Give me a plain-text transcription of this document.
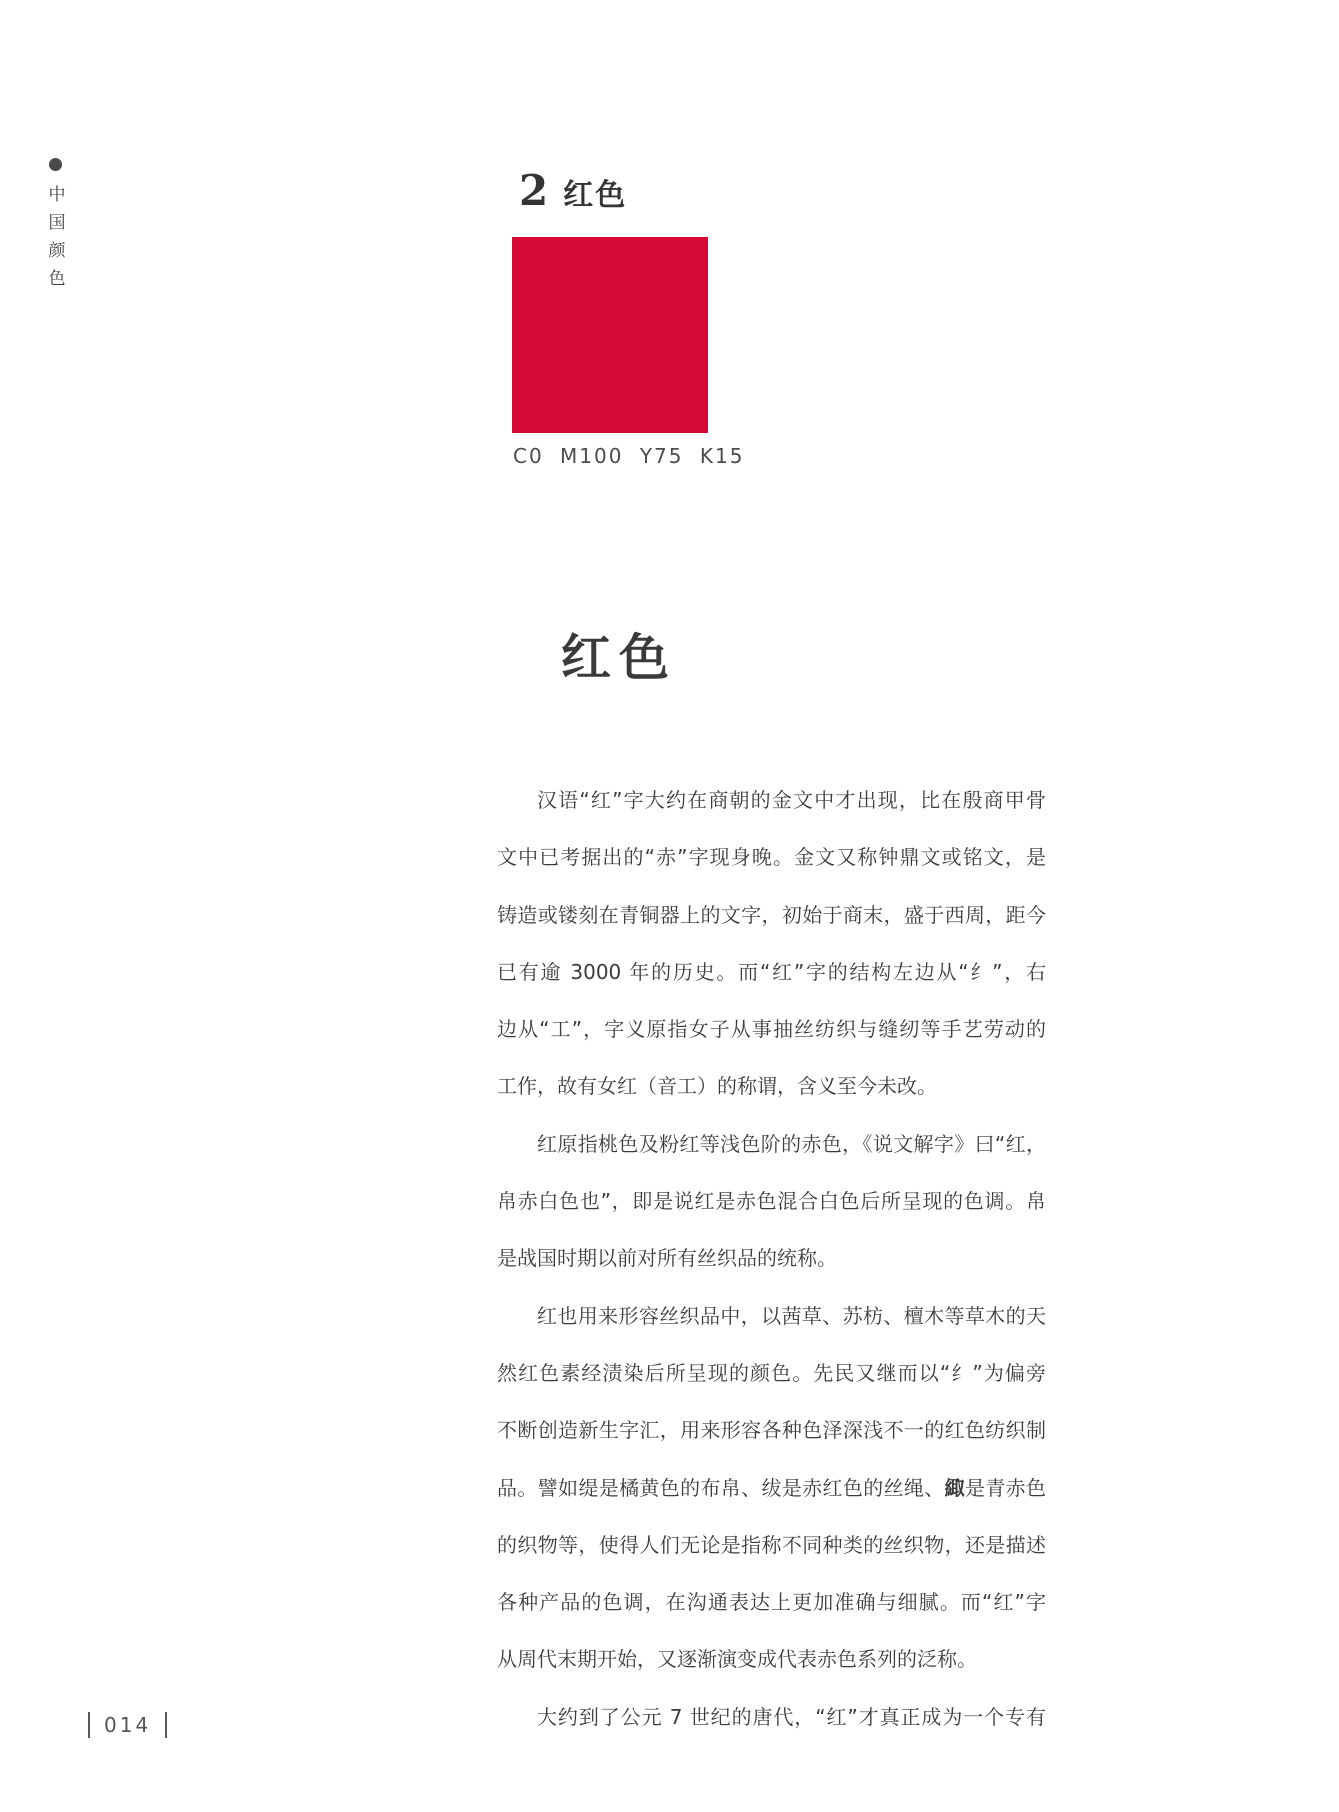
中国颜色	2 红色
C0 M100 Y75 K15
红色
汉语“红”字大约在商朝的金文中才出现，比在殷商甲骨
文中已考据出的“赤”字现身晚。金文又称钟鼎文或铭文，是
铸造或镂刻在青铜器上的文字，初始于商末，盛于西周，距今
已有逾 3000 年的历史。而“红”字的结构左边从“纟”，右
边从“工”，字义原指女子从事抽丝纺织与缝纫等手艺劳动的
工作，故有女红（音工）的称谓，含义至今未改。
红原指桃色及粉红等浅色阶的赤色，《说文解字》曰“红，
帛赤白色也”，即是说红是赤色混合白色后所呈现的色调。帛
是战国时期以前对所有丝织品的统称。
红也用来形容丝织品中，以茜草、苏枋、檀木等草木的天
然红色素经渍染后所呈现的颜色。先民又继而以“纟”为偏旁
不断创造新生字汇，用来形容各种色泽深浅不一的红色纺织制
品。譬如缇是橘黄色的布帛、绂是赤红色的丝绳、緅是青赤色
的织物等，使得人们无论是指称不同种类的丝织物，还是描述
各种产品的色调，在沟通表达上更加准确与细腻。而“红”字
从周代末期开始，又逐渐演变成代表赤色系列的泛称。
大约到了公元 7 世纪的唐代，“红”才真正成为一个专有
014
